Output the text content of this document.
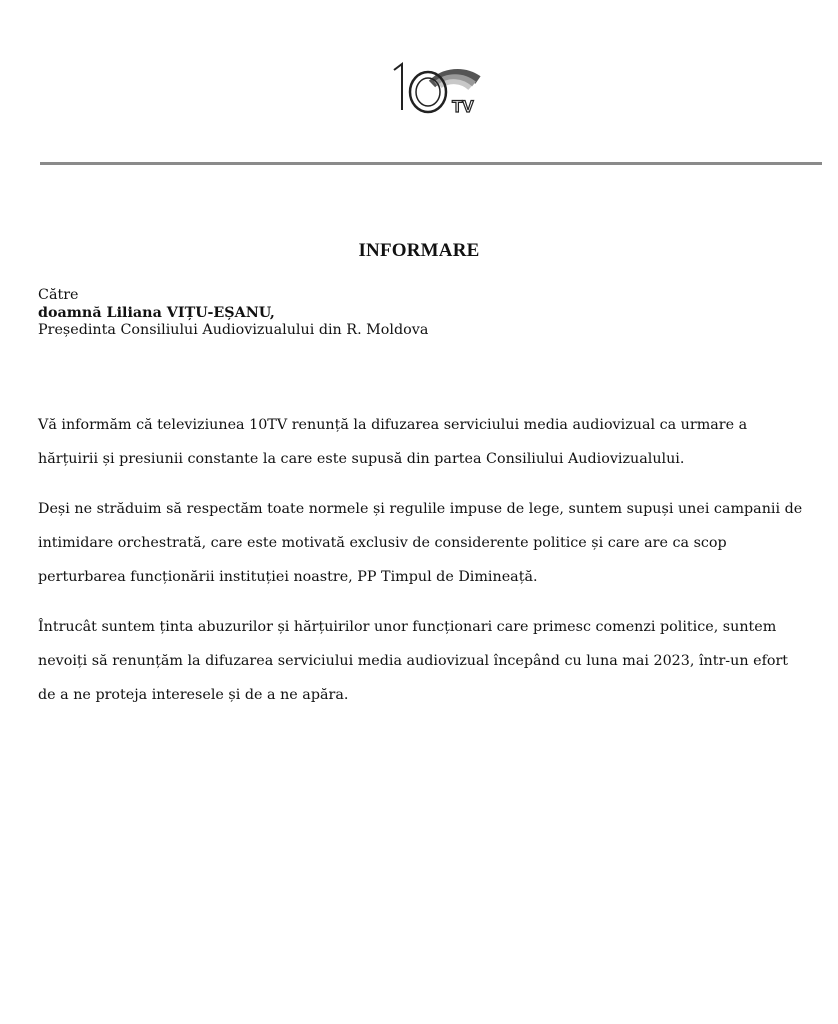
TV
INFORMARE
Către
doamnă Liliana VIȚU-EȘANU,
Președinta Consiliului Audiovizualului din R. Moldova

Vă informăm că televiziunea 10TV renunță la difuzarea serviciului media audiovizual ca urmare a
hărțuirii și presiunii constante la care este supusă din partea Consiliului Audiovizualului.

Deși ne străduim să respectăm toate normele și regulile impuse de lege, suntem supuși unei campanii de
intimidare orchestrată, care este motivată exclusiv de considerente politice și care are ca scop
perturbarea funcționării instituției noastre, PP Timpul de Dimineață.

Întrucât suntem ținta abuzurilor și hărțuirilor unor funcționari care primesc comenzi politice, suntem
nevoiți să renunțăm la difuzarea serviciului media audiovizual începând cu luna mai 2023, într-un efort
de a ne proteja interesele și de a ne apăra.
